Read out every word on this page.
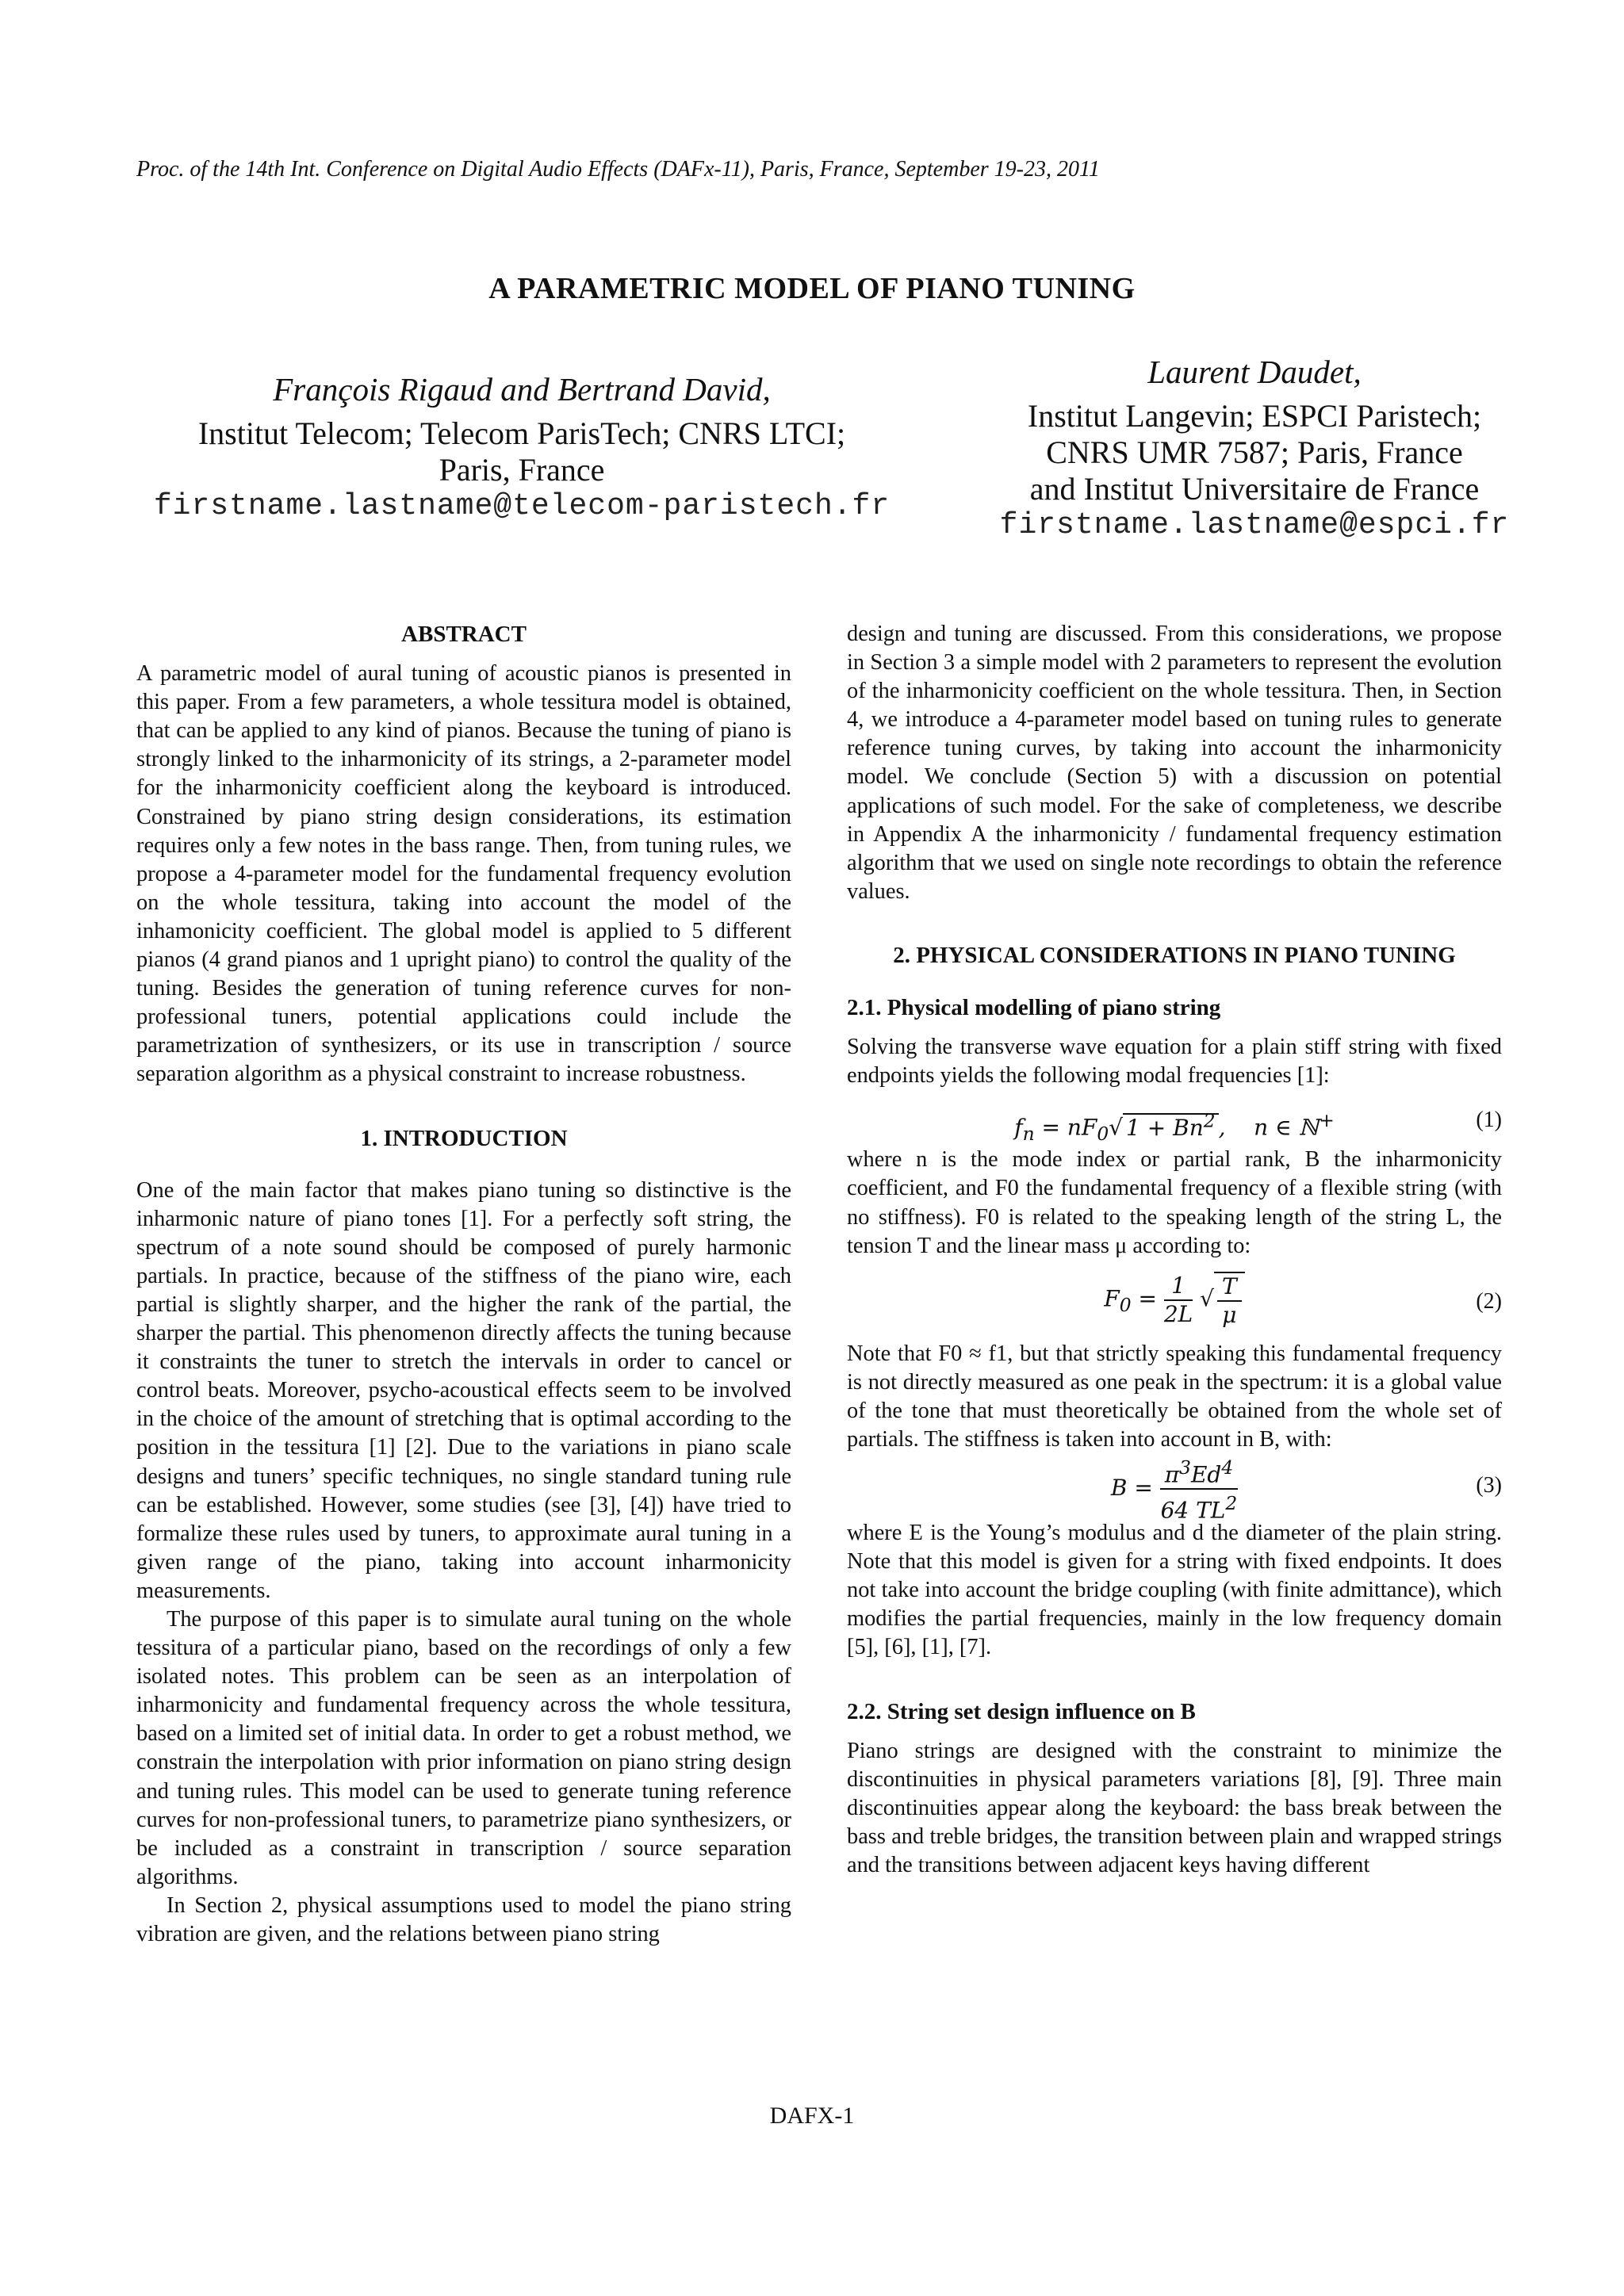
Proc. of the 14th Int. Conference on Digital Audio Effects (DAFx-11), Paris, France, September 19-23, 2011
A PARAMETRIC MODEL OF PIANO TUNING
François Rigaud and Bertrand David,
Institut Telecom; Telecom ParisTech; CNRS LTCI;
Paris, France
firstname.lastname@telecom-paristech.fr
Laurent Daudet,
Institut Langevin; ESPCI Paristech;
CNRS UMR 7587; Paris, France
and Institut Universitaire de France
firstname.lastname@espci.fr
ABSTRACT

A parametric model of aural tuning of acoustic pianos is presented in this paper. From a few parameters, a whole tessitura model is obtained, that can be applied to any kind of pianos. Because the tuning of piano is strongly linked to the inharmonicity of its strings, a 2-parameter model for the inharmonicity coefficient along the keyboard is introduced. Constrained by piano string design considerations, its estimation requires only a few notes in the bass range. Then, from tuning rules, we propose a 4-parameter model for the fundamental frequency evolution on the whole tessitura, taking into account the model of the inhamonicity coefficient. The global model is applied to 5 different pianos (4 grand pianos and 1 upright piano) to control the quality of the tuning. Besides the generation of tuning reference curves for non-professional tuners, potential applications could include the parametrization of synthesizers, or its use in transcription / source separation algorithm as a physical constraint to increase robustness.

1. INTRODUCTION

One of the main factor that makes piano tuning so distinctive is the inharmonic nature of piano tones [1]. For a perfectly soft string, the spectrum of a note sound should be composed of purely harmonic partials. In practice, because of the stiffness of the piano wire, each partial is slightly sharper, and the higher the rank of the partial, the sharper the partial. This phenomenon directly affects the tuning because it constraints the tuner to stretch the intervals in order to cancel or control beats. Moreover, psycho-acoustical effects seem to be involved in the choice of the amount of stretching that is optimal according to the position in the tessitura [1] [2]. Due to the variations in piano scale designs and tuners’ specific techniques, no single standard tuning rule can be established. However, some studies (see [3], [4]) have tried to formalize these rules used by tuners, to approximate aural tuning in a given range of the piano, taking into account inharmonicity measurements.

The purpose of this paper is to simulate aural tuning on the whole tessitura of a particular piano, based on the recordings of only a few isolated notes. This problem can be seen as an interpolation of inharmonicity and fundamental frequency across the whole tessitura, based on a limited set of initial data. In order to get a robust method, we constrain the interpolation with prior information on piano string design and tuning rules. This model can be used to generate tuning reference curves for non-professional tuners, to parametrize piano synthesizers, or be included as a constraint in transcription / source separation algorithms.

In Section 2, physical assumptions used to model the piano string vibration are given, and the relations between piano string

design and tuning are discussed. From this considerations, we propose in Section 3 a simple model with 2 parameters to represent the evolution of the inharmonicity coefficient on the whole tessitura. Then, in Section 4, we introduce a 4-parameter model based on tuning rules to generate reference tuning curves, by taking into account the inharmonicity model. We conclude (Section 5) with a discussion on potential applications of such model. For the sake of completeness, we describe in Appendix A the inharmonicity / fundamental frequency estimation algorithm that we used on single note recordings to obtain the reference values.

2. PHYSICAL CONSIDERATIONS IN PIANO TUNING
2.1. Physical modelling of piano string

Solving the transverse wave equation for a plain stiff string with fixed endpoints yields the following modal frequencies [1]:

$f_n = nF_0√$ $1 + Bn^2$ ,    n ∈ ℕ+	(1)

where n is the mode index or partial rank, B the inharmonicity coefficient, and F0 the fundamental frequency of a flexible string (with no stiffness). F0 is related to the speaking length of the string L, the tension T and the linear mass μ according to:

$F_0 = \frac{1}{2L}$ √ $\frac{T}{\mu}$	(2)

Note that F0 ≈ f1, but that strictly speaking this fundamental frequency is not directly measured as one peak in the spectrum: it is a global value of the tone that must theoretically be obtained from the whole set of partials. The stiffness is taken into account in B, with:

$B = \frac{\pi^3Ed^4}{64 TL^2}$	(3)

where E is the Young’s modulus and d the diameter of the plain string. Note that this model is given for a string with fixed endpoints. It does not take into account the bridge coupling (with finite admittance), which modifies the partial frequencies, mainly in the low frequency domain [5], [6], [1], [7].

2.2. String set design influence on B

Piano strings are designed with the constraint to minimize the discontinuities in physical parameters variations [8], [9]. Three main discontinuities appear along the keyboard: the bass break between the bass and treble bridges, the transition between plain and wrapped strings and the transitions between adjacent keys having different

DAFX-1
